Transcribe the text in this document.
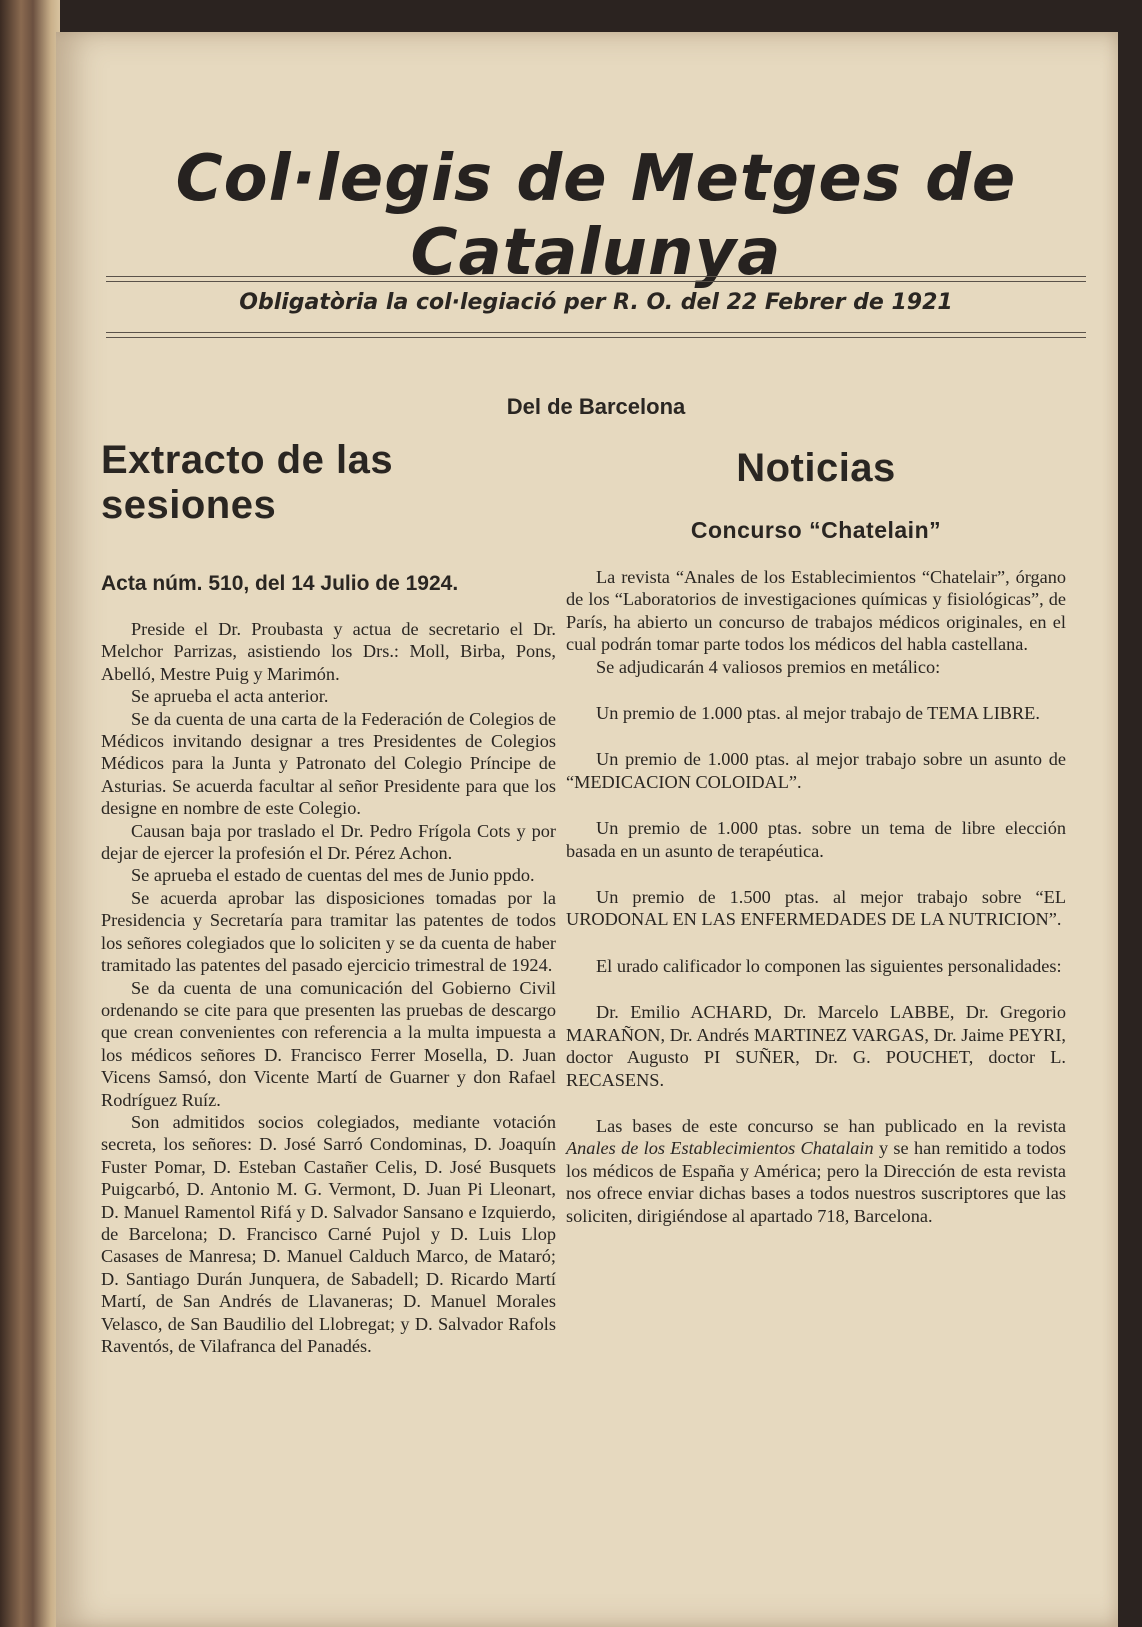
Col·legis de Metges de Catalunya
Obligatòria la col·legiació per R. O. del 22 Febrer de 1921
Del de Barcelona
Extracto de las sesiones
Acta núm. 510, del 14 Julio de 1924.

Preside el Dr. Proubasta y actua de secretario el Dr. Melchor Parrizas, asistiendo los Drs.: Moll, Birba, Pons, Abelló, Mestre Puig y Marimón.

Se aprueba el acta anterior.

Se da cuenta de una carta de la Federación de Colegios de Médicos invitando designar a tres Presidentes de Colegios Médicos para la Junta y Patronato del Colegio Príncipe de Asturias. Se acuerda facultar al señor Presidente para que los designe en nombre de este Colegio.

Causan baja por traslado el Dr. Pedro Frígola Cots y por dejar de ejercer la profesión el Dr. Pérez Achon.

Se aprueba el estado de cuentas del mes de Junio ppdo.

Se acuerda aprobar las disposiciones tomadas por la Presidencia y Secretaría para tramitar las patentes de todos los señores colegiados que lo soliciten y se da cuenta de haber tramitado las patentes del pasado ejercicio trimestral de 1924.

Se da cuenta de una comunicación del Gobierno Civil ordenando se cite para que presenten las pruebas de descargo que crean convenientes con referencia a la multa impuesta a los médicos señores D. Francisco Ferrer Mosella, D. Juan Vicens Samsó, don Vicente Martí de Guarner y don Rafael Rodríguez Ruíz.

Son admitidos socios colegiados, mediante votación secreta, los señores: D. José Sarró Condominas, D. Joaquín Fuster Pomar, D. Esteban Castañer Celis, D. José Busquets Puigcarbó, D. Antonio M. G. Vermont, D. Juan Pi Lleonart, D. Manuel Ramentol Rifá y D. Salvador Sansano e Izquierdo, de Barcelona; D. Francisco Carné Pujol y D. Luis Llop Casases de Manresa; D. Manuel Calduch Marco, de Mataró; D. Santiago Durán Junquera, de Sabadell; D. Ricardo Martí Martí, de San Andrés de Llavaneras; D. Manuel Morales Velasco, de San Baudilio del Llobregat; y D. Salvador Rafols Raventós, de Vilafranca del Panadés.

Noticias
Concurso “Chatelain”

La revista “Anales de los Establecimientos “Chatelair”, órgano de los “Laboratorios de investigaciones químicas y fisiológicas”, de París, ha abierto un concurso de trabajos médicos originales, en el cual podrán tomar parte todos los médicos del habla castellana.

Se adjudicarán 4 valiosos premios en metálico:

Un premio de 1.000 ptas. al mejor trabajo de TEMA LIBRE.

Un premio de 1.000 ptas. al mejor trabajo sobre un asunto de “MEDICACION COLOIDAL”.

Un premio de 1.000 ptas. sobre un tema de libre elección basada en un asunto de terapéutica.

Un premio de 1.500 ptas. al mejor trabajo sobre “EL URODONAL EN LAS ENFERMEDADES DE LA NUTRICION”.

El urado calificador lo componen las siguientes personalidades:

Dr. Emilio ACHARD, Dr. Marcelo LABBE, Dr. Gregorio MARAÑON, Dr. Andrés MARTINEZ VARGAS, Dr. Jaime PEYRI, doctor Augusto PI SUÑER, Dr. G. POUCHET, doctor L. RECASENS.

Las bases de este concurso se han publicado en la revista Anales de los Establecimientos Chatalain y se han remitido a todos los médicos de España y América; pero la Dirección de esta revista nos ofrece enviar dichas bases a todos nuestros suscriptores que las soliciten, dirigiéndose al apartado 718, Barcelona.
